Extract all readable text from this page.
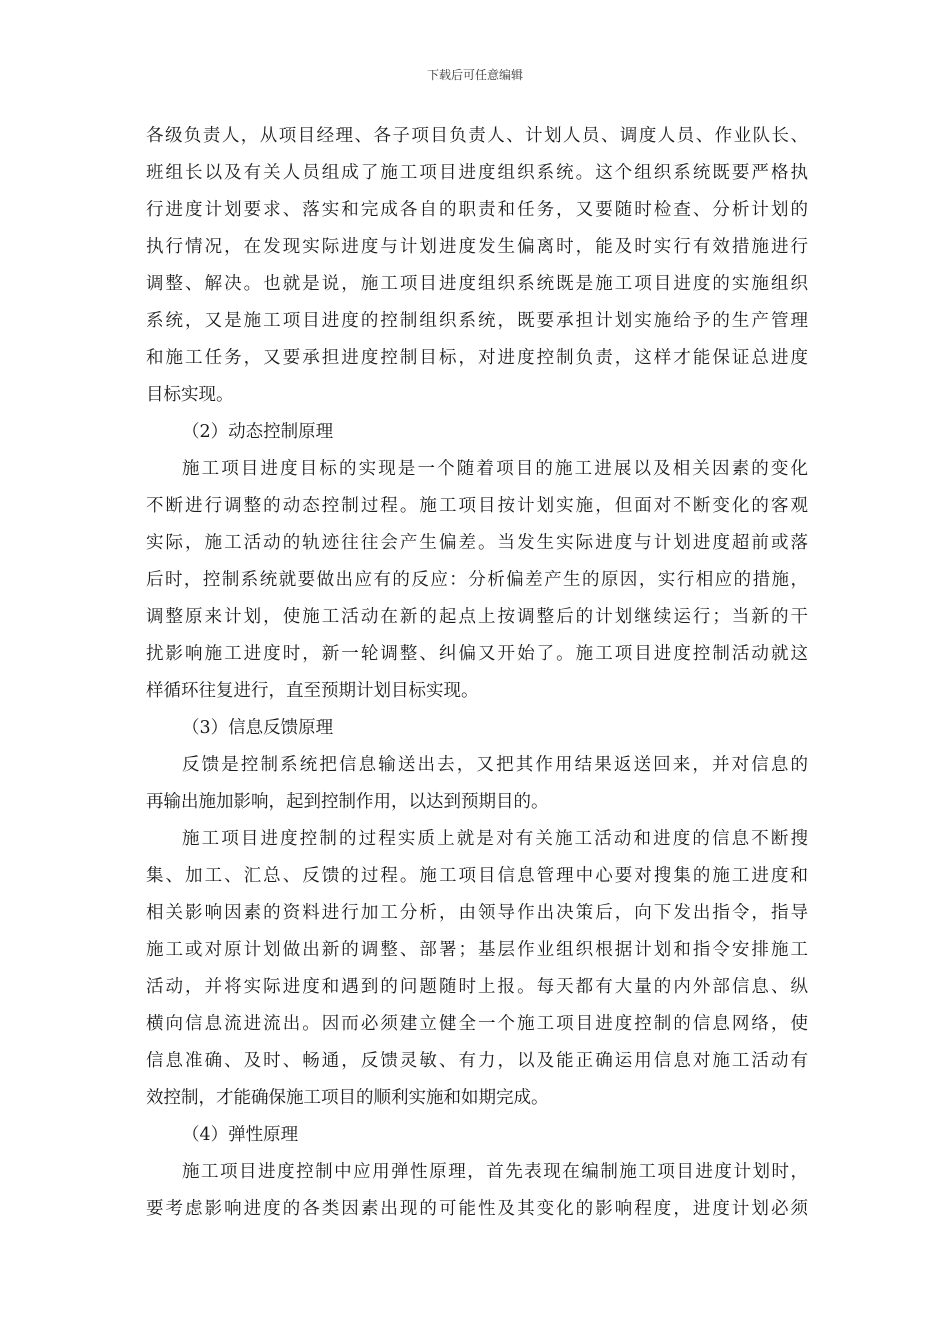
下载后可任意编辑
各级负责人，从项目经理、各子项目负责人、计划人员、调度人员、作业队长、
班组长以及有关人员组成了施工项目进度组织系统。这个组织系统既要严格执
行进度计划要求、落实和完成各自的职责和任务，又要随时检查、分析计划的
执行情况，在发现实际进度与计划进度发生偏离时，能及时实行有效措施进行
调整、解决。也就是说，施工项目进度组织系统既是施工项目进度的实施组织
系统，又是施工项目进度的控制组织系统，既要承担计划实施给予的生产管理
和施工任务，又要承担进度控制目标，对进度控制负责，这样才能保证总进度
目标实现。
（2）动态控制原理
施工项目进度目标的实现是一个随着项目的施工进展以及相关因素的变化
不断进行调整的动态控制过程。施工项目按计划实施，但面对不断变化的客观
实际，施工活动的轨迹往往会产生偏差。当发生实际进度与计划进度超前或落
后时，控制系统就要做出应有的反应：分析偏差产生的原因，实行相应的措施，
调整原来计划，使施工活动在新的起点上按调整后的计划继续运行；当新的干
扰影响施工进度时，新一轮调整、纠偏又开始了。施工项目进度控制活动就这
样循环往复进行，直至预期计划目标实现。
（3）信息反馈原理
反馈是控制系统把信息输送出去，又把其作用结果返送回来，并对信息的
再输出施加影响，起到控制作用，以达到预期目的。
施工项目进度控制的过程实质上就是对有关施工活动和进度的信息不断搜
集、加工、汇总、反馈的过程。施工项目信息管理中心要对搜集的施工进度和
相关影响因素的资料进行加工分析，由领导作出决策后，向下发出指令，指导
施工或对原计划做出新的调整、部署；基层作业组织根据计划和指令安排施工
活动，并将实际进度和遇到的问题随时上报。每天都有大量的内外部信息、纵
横向信息流进流出。因而必须建立健全一个施工项目进度控制的信息网络，使
信息准确、及时、畅通，反馈灵敏、有力，以及能正确运用信息对施工活动有
效控制，才能确保施工项目的顺利实施和如期完成。
（4）弹性原理
施工项目进度控制中应用弹性原理，首先表现在编制施工项目进度计划时，
要考虑影响进度的各类因素出现的可能性及其变化的影响程度，进度计划必须
